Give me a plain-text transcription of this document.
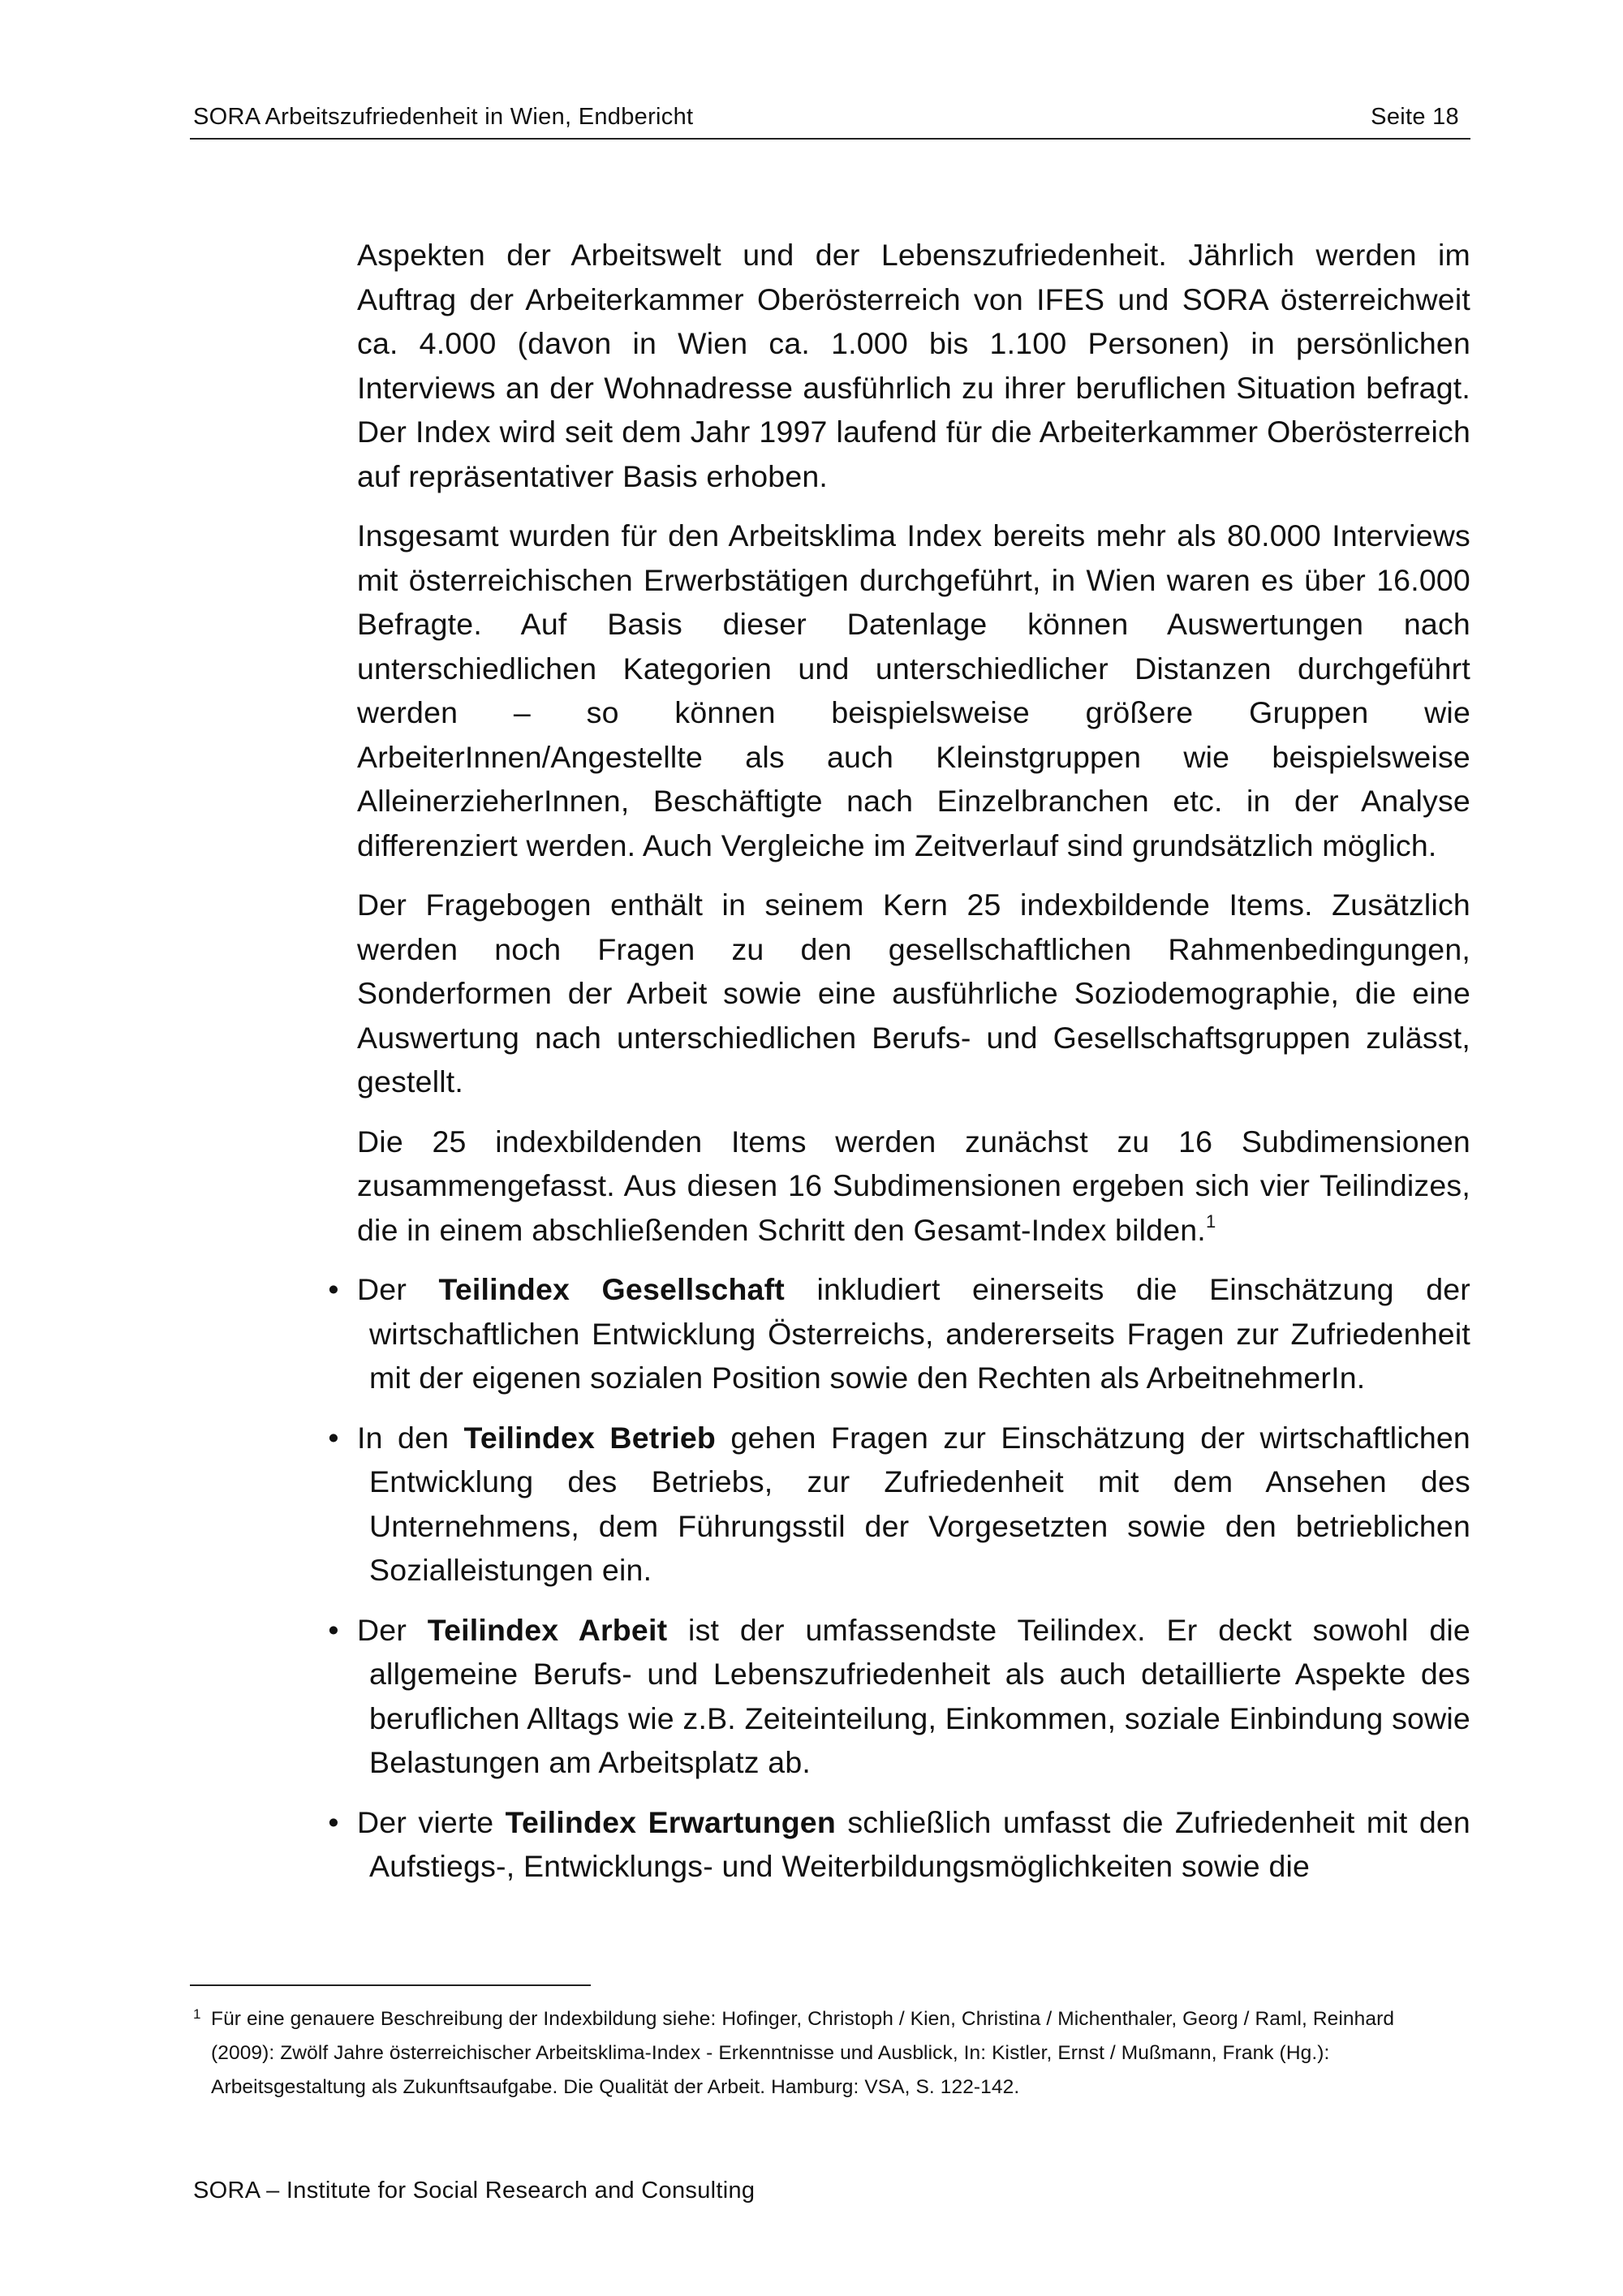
SORA Arbeitszufriedenheit in Wien, Endbericht	Seite 18

Aspekten der Arbeitswelt und der Lebenszufriedenheit. Jährlich werden im Auftrag der Arbeiterkammer Oberösterreich von IFES und SORA österreichweit ca. 4.000 (davon in Wien ca. 1.000 bis 1.100 Personen) in persönlichen Interviews an der Wohnadresse ausführlich zu ihrer beruflichen Situation befragt. Der Index wird seit dem Jahr 1997 laufend für die Arbeiterkammer Oberösterreich auf repräsentativer Basis erhoben.

Insgesamt wurden für den Arbeitsklima Index bereits mehr als 80.000 Interviews mit österreichischen Erwerbstätigen durchgeführt, in Wien waren es über 16.000 Befragte. Auf Basis dieser Datenlage können Auswertungen nach unterschiedlichen Kategorien und unterschiedlicher Distanzen durchgeführt werden – so können beispielsweise größere Gruppen wie ArbeiterInnen/Angestellte als auch Kleinstgruppen wie beispielsweise AlleinerzieherInnen, Beschäftigte nach Einzelbranchen etc. in der Analyse differenziert werden. Auch Vergleiche im Zeitverlauf sind grundsätzlich möglich.

Der Fragebogen enthält in seinem Kern 25 indexbildende Items. Zusätzlich werden noch Fragen zu den gesellschaftlichen Rahmenbedingungen, Sonderformen der Arbeit sowie eine ausführliche Soziodemographie, die eine Auswertung nach unterschiedlichen Berufs- und Gesellschaftsgruppen zulässt, gestellt.

Die 25 indexbildenden Items werden zunächst zu 16 Subdimensionen zusammengefasst. Aus diesen 16 Subdimensionen ergeben sich vier Teilindizes, die in einem abschließenden Schritt den Gesamt-Index bilden.$^1$

• Der Teilindex Gesellschaft inkludiert einerseits die Einschätzung der wirtschaftlichen Entwicklung Österreichs, andererseits Fragen zur Zufriedenheit mit der eigenen sozialen Position sowie den Rechten als ArbeitnehmerIn.
• In den Teilindex Betrieb gehen Fragen zur Einschätzung der wirtschaftlichen Entwicklung des Betriebs, zur Zufriedenheit mit dem Ansehen des Unternehmens, dem Führungsstil der Vorgesetzten sowie den betrieblichen Sozialleistungen ein.
• Der Teilindex Arbeit ist der umfassendste Teilindex. Er deckt sowohl die allgemeine Berufs- und Lebenszufriedenheit als auch detaillierte Aspekte des beruflichen Alltags wie z.B. Zeiteinteilung, Einkommen, soziale Einbindung sowie Belastungen am Arbeitsplatz ab.
• Der vierte Teilindex Erwartungen schließlich umfasst die Zufriedenheit mit den Aufstiegs-, Entwicklungs- und Weiterbildungsmöglichkeiten sowie die
1 Für eine genauere Beschreibung der Indexbildung siehe: Hofinger, Christoph / Kien, Christina / Michenthaler, Georg / Raml, Reinhard (2009): Zwölf Jahre österreichischer Arbeitsklima-Index - Erkenntnisse und Ausblick, In: Kistler, Ernst / Mußmann, Frank (Hg.): Arbeitsgestaltung als Zukunftsaufgabe. Die Qualität der Arbeit. Hamburg: VSA, S. 122-142.
SORA – Institute for Social Research and Consulting
